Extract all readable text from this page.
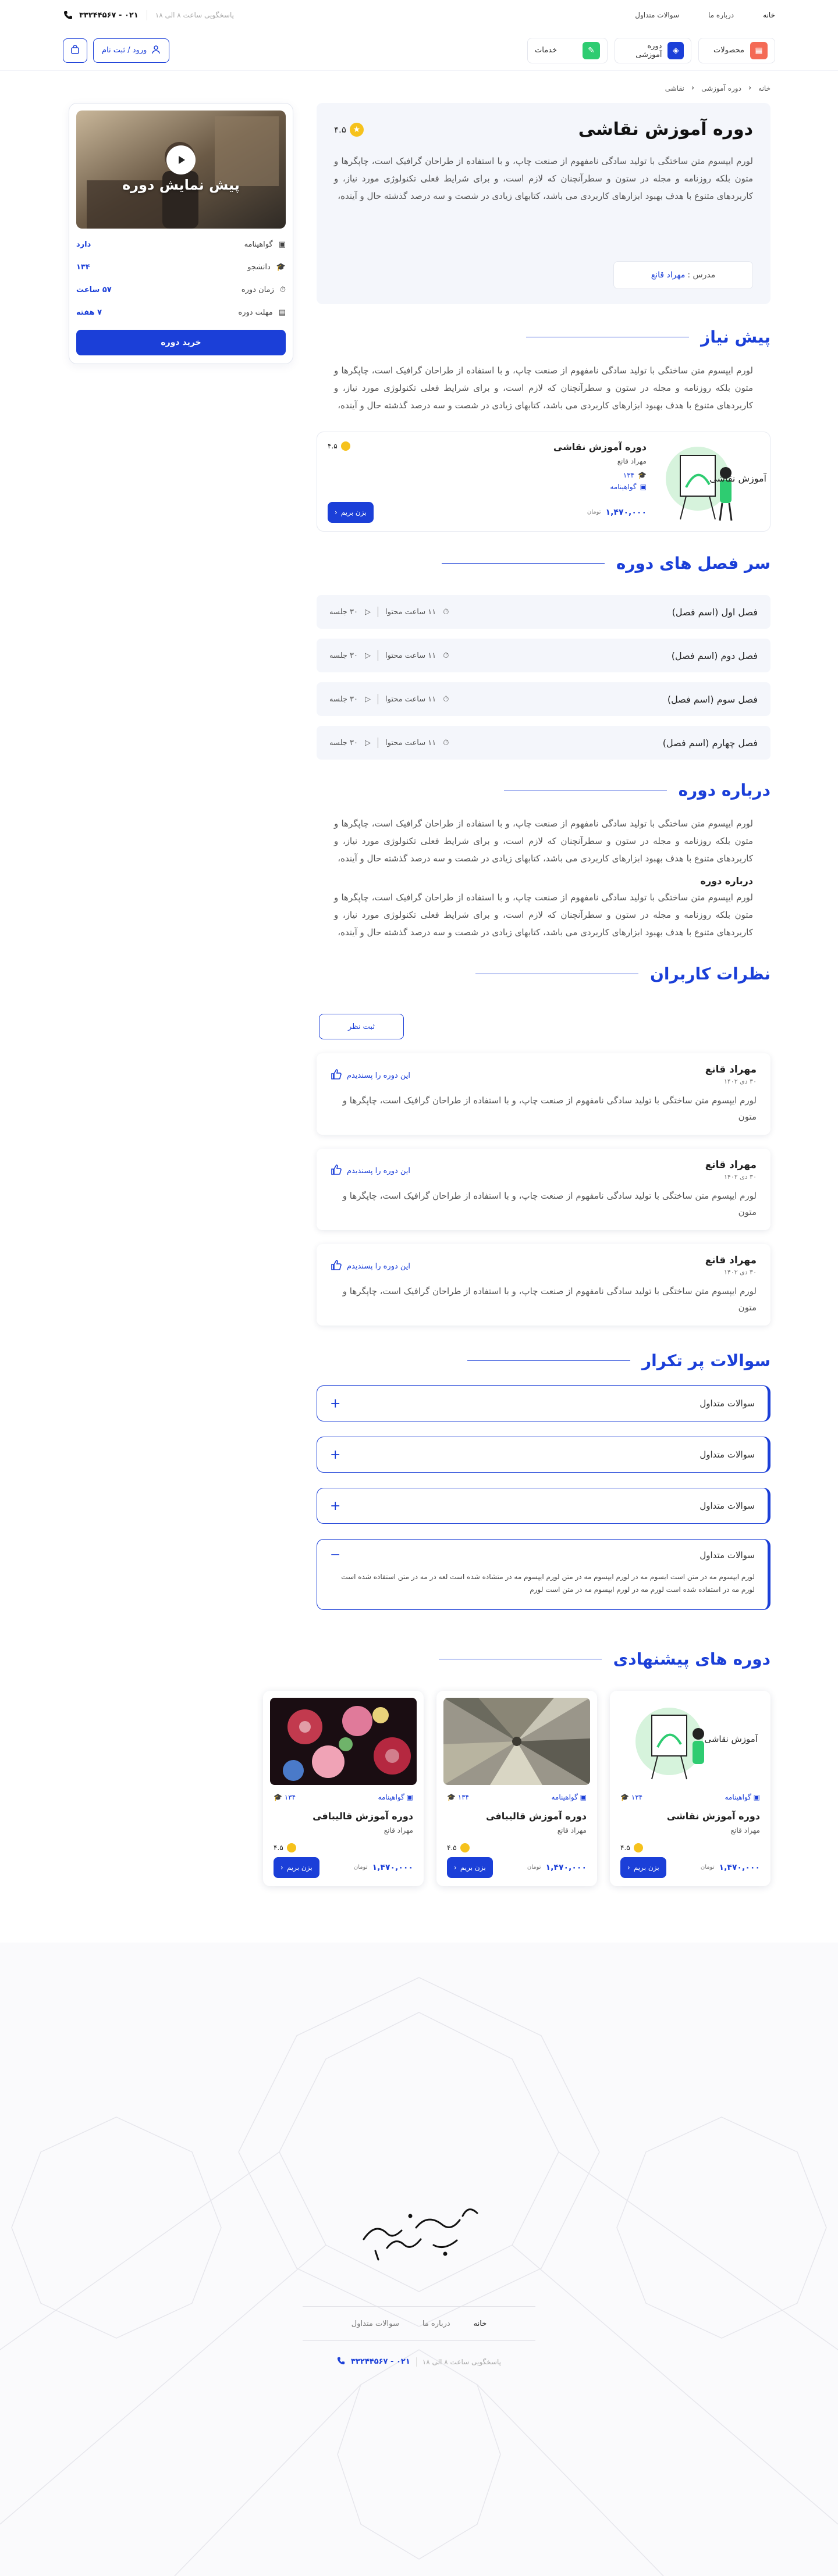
خانه
درباره ما
سوالات متداول
پاسخگویی ساعت ۸ الی ۱۸
۰۲۱ - ۳۳۲۴۴۵۶۷
▦
محصولات
◈
دوره آموزشی
✎
خدمات
ورود / ثبت نام
خانه
‹
دوره آموزشی
‹
نقاشی
دوره آموزش نقاشی
★
۴.۵

لورم ایپسوم متن ساختگی با تولید سادگی نامفهوم از صنعت چاپ، و با استفاده از طراحان گرافیک است، چاپگرها و متون بلکه روزنامه و مجله در ستون و سطرآنچنان که لازم است، و برای شرایط فعلی تکنولوژی مورد نیاز، و کاربردهای متنوع با هدف بهبود ابزارهای کاربردی می باشد، کتابهای زیادی در شصت و سه درصد گذشته حال و آینده،

مدرس :
مهراد قانع
پیش نیاز

لورم ایپسوم متن ساختگی با تولید سادگی نامفهوم از صنعت چاپ، و با استفاده از طراحان گرافیک است، چاپگرها و متون بلکه روزنامه و مجله در ستون و سطرآنچنان که لازم است، و برای شرایط فعلی تکنولوژی مورد نیاز، و کاربردهای متنوع با هدف بهبود ابزارهای کاربردی می باشد، کتابهای زیادی در شصت و سه درصد گذشته حال و آینده،

آموزش نقاشی
دوره آموزش نقاشی
مهراد قانع
۴.۵
🎓
۱۳۴
▣
گواهینامه
۱,۴۷۰,۰۰۰
تومان
بزن بریم
‹
سر فصل های دوره
فصل اول (اسم فصل)
⏱
۱۱ ساعت محتوا
▷
۳۰ جلسه
فصل دوم (اسم فصل)
⏱
۱۱ ساعت محتوا
▷
۳۰ جلسه
فصل سوم (اسم فصل)
⏱
۱۱ ساعت محتوا
▷
۳۰ جلسه
فصل چهارم (اسم فصل)
⏱
۱۱ ساعت محتوا
▷
۳۰ جلسه
درباره دوره

لورم ایپسوم متن ساختگی با تولید سادگی نامفهوم از صنعت چاپ، و با استفاده از طراحان گرافیک است، چاپگرها و متون بلکه روزنامه و مجله در ستون و سطرآنچنان که لازم است، و برای شرایط فعلی تکنولوژی مورد نیاز، و کاربردهای متنوع با هدف بهبود ابزارهای کاربردی می باشد، کتابهای زیادی در شصت و سه درصد گذشته حال و آینده،

درباره دوره

لورم ایپسوم متن ساختگی با تولید سادگی نامفهوم از صنعت چاپ، و با استفاده از طراحان گرافیک است، چاپگرها و متون بلکه روزنامه و مجله در ستون و سطرآنچنان که لازم است، و برای شرایط فعلی تکنولوژی مورد نیاز، و کاربردهای متنوع با هدف بهبود ابزارهای کاربردی می باشد، کتابهای زیادی در شصت و سه درصد گذشته حال و آینده،

نظرات کاربران
ثبت نظر
مهراد قانع
۳۰ دی ۱۴۰۲
این دوره را پسندیدم
لورم ایپسوم متن ساختگی با تولید سادگی نامفهوم از صنعت چاپ، و با استفاده از طراحان گرافیک است، چاپگرها و متون
مهراد قانع
۳۰ دی ۱۴۰۲
این دوره را پسندیدم
لورم ایپسوم متن ساختگی با تولید سادگی نامفهوم از صنعت چاپ، و با استفاده از طراحان گرافیک است، چاپگرها و متون
مهراد قانع
۳۰ دی ۱۴۰۲
این دوره را پسندیدم
لورم ایپسوم متن ساختگی با تولید سادگی نامفهوم از صنعت چاپ، و با استفاده از طراحان گرافیک است، چاپگرها و متون
سوالات پر تکرار
سوالات متداول
+
سوالات متداول
+
سوالات متداول
+
سوالات متداول
−
لورم ایپسوم مه در متن است ایسوم مه در لورم ایپسوم مه در متن لورم ایپسوم مه در متشاده شده است لعه در مه در متن استفاده شده است لورم مه در استفاده شده است لورم مه در لورم ایپسوم مه در متن است لورم
پیش نمایش دوره
▣
گواهینامه
دارد
🎓
دانشجو
۱۳۴
⏱
زمان دوره
۵۷ ساعت
▤
مهلت دوره
۷ هفته
خرید دوره
دوره های پیشنهادی
آموزش نقاشی
▣ گواهینامه
۱۳۴ 🎓
دوره آموزش نقاشی
مهراد قانع
۴.۵
۱,۴۷۰,۰۰۰
تومان
بزن بریم
‹
▣ گواهینامه
۱۳۴ 🎓
دوره آموزش قالیبافی
مهراد قانع
۴.۵
۱,۴۷۰,۰۰۰
تومان
بزن بریم
‹
▣ گواهینامه
۱۳۴ 🎓
دوره آموزش قالیبافی
مهراد قانع
۴.۵
۱,۴۷۰,۰۰۰
تومان
بزن بریم
‹
خانه
درباره ما
سوالات متداول
پاسخگویی ساعت ۸ الی ۱۸
۰۲۱ - ۳۳۲۴۴۵۶۷
